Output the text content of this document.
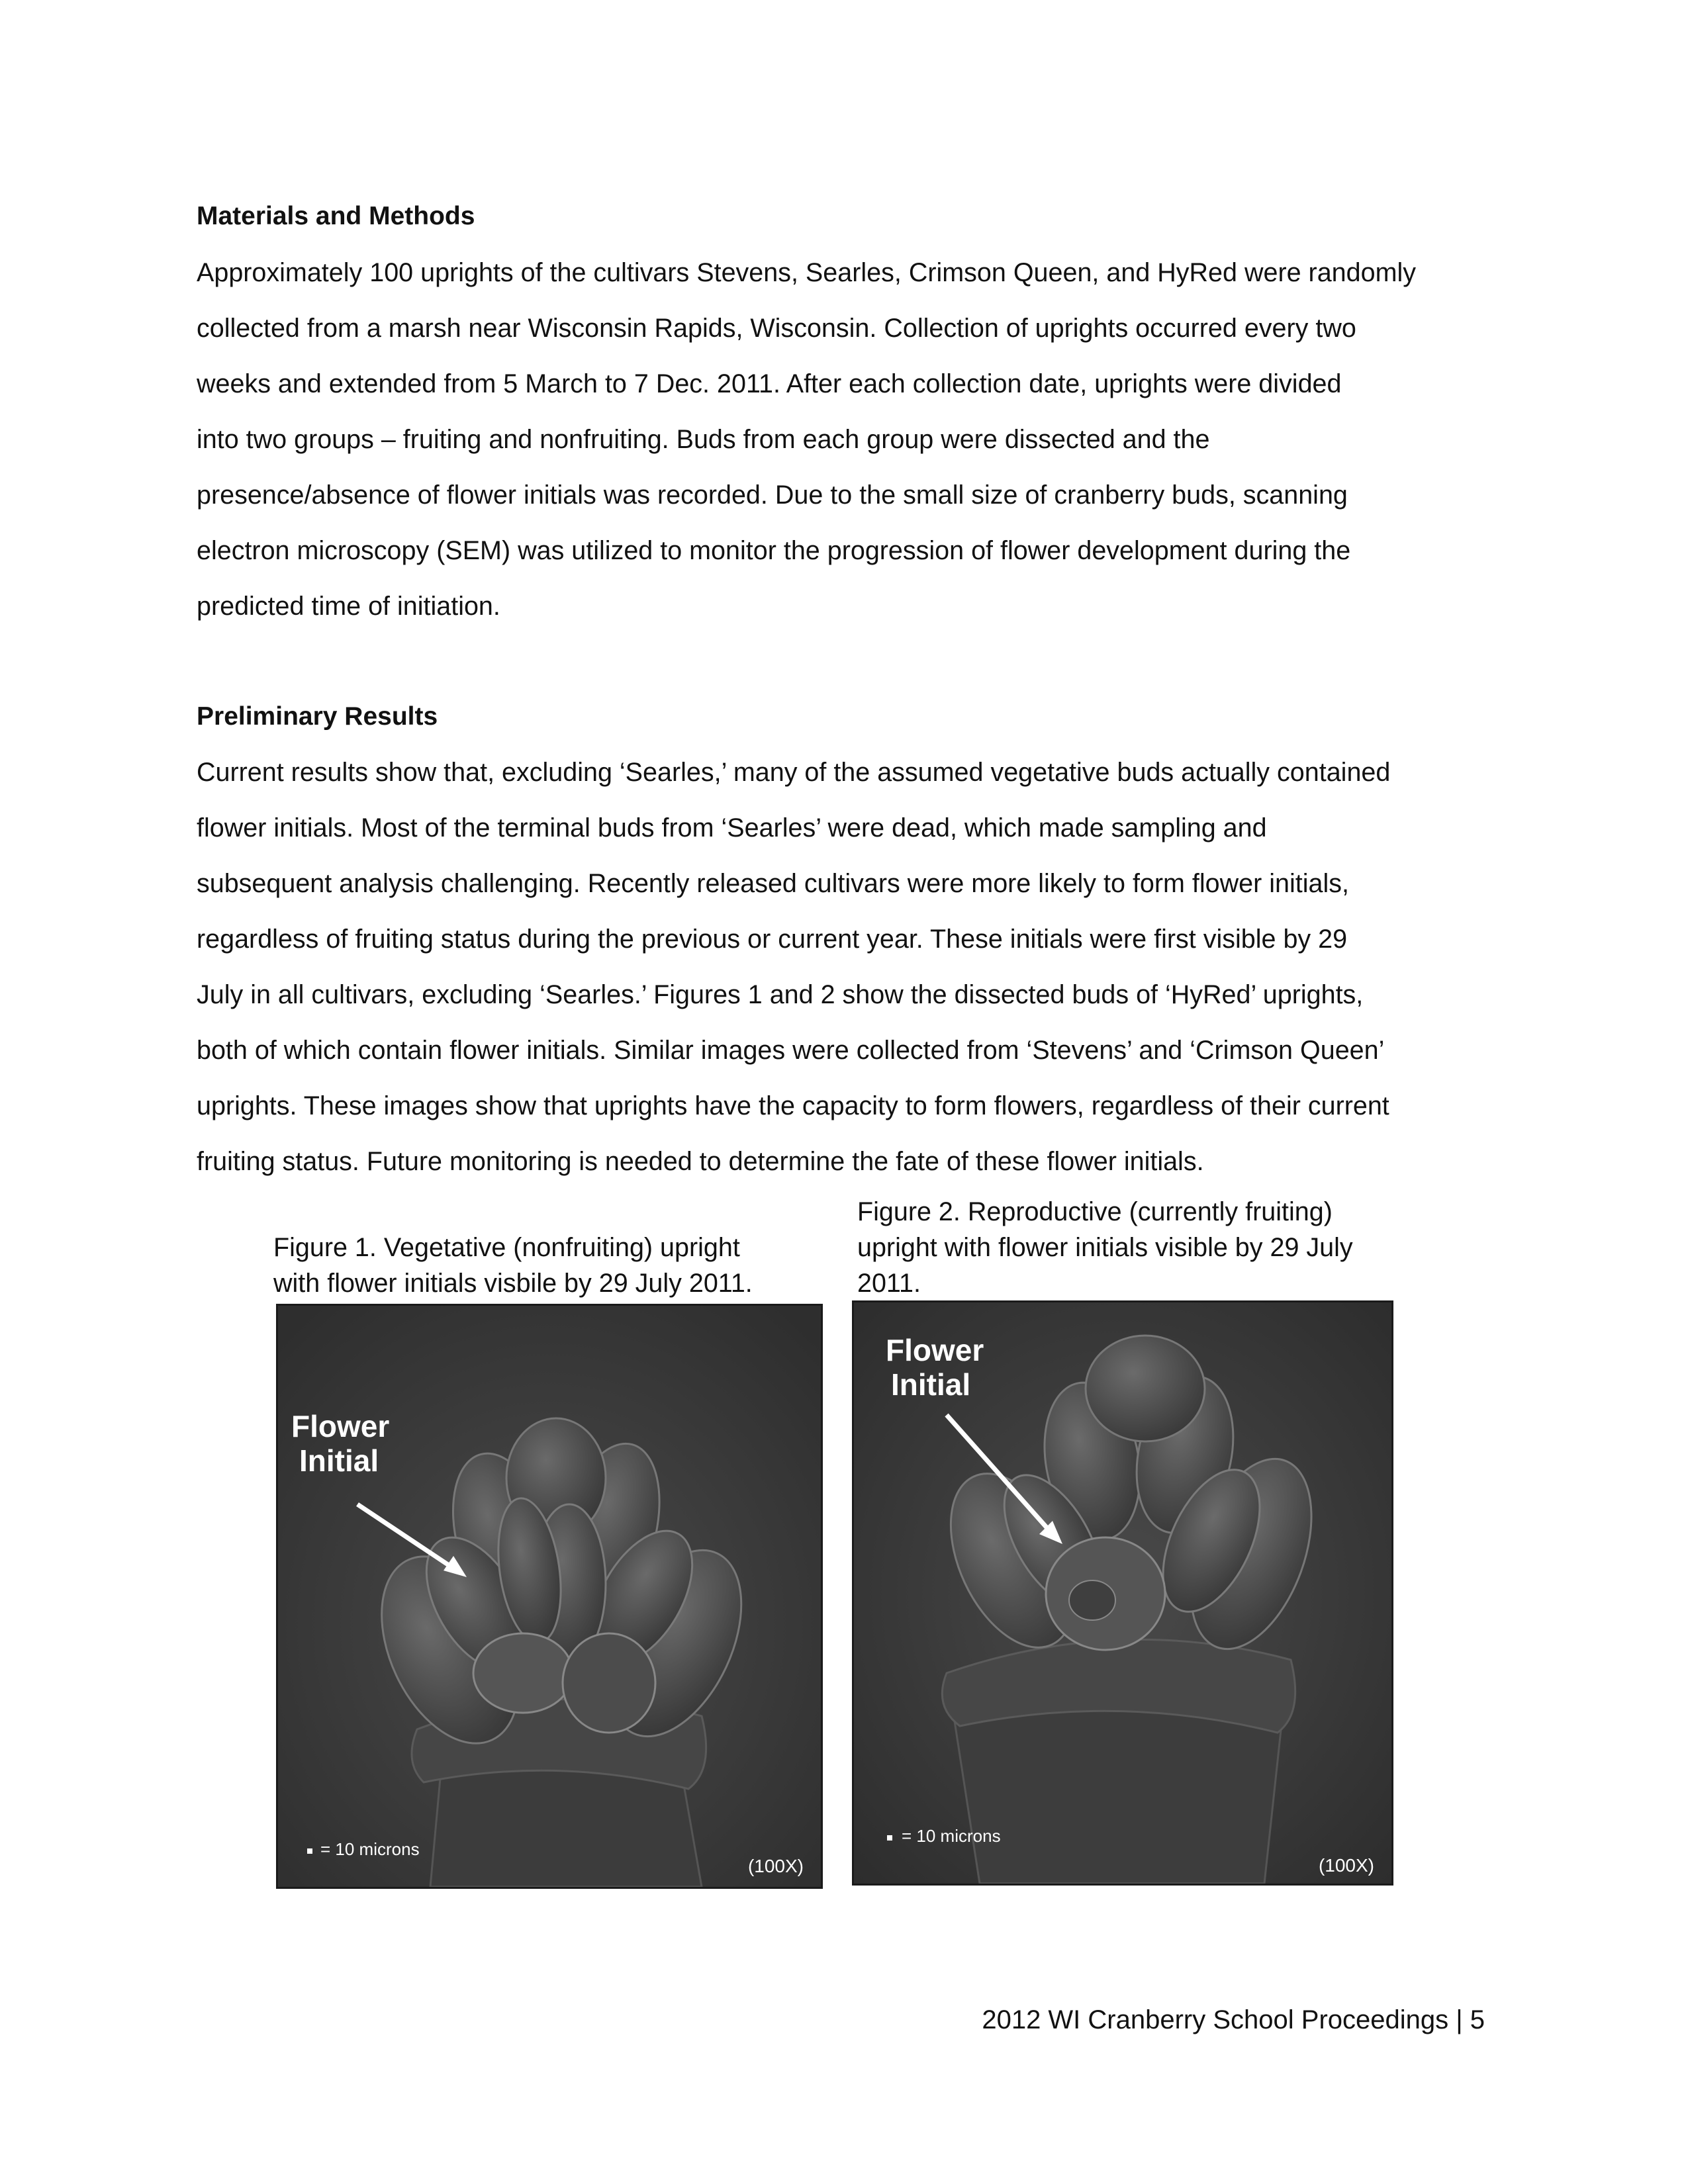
Materials and Methods
Approximately 100 uprights of the cultivars Stevens, Searles, Crimson Queen, and HyRed were randomly
collected from a marsh near Wisconsin Rapids, Wisconsin. Collection of uprights occurred every two
weeks and extended from 5 March to 7 Dec. 2011. After each collection date, uprights were divided
into two groups – fruiting and nonfruiting. Buds from each group were dissected and the
presence/absence of flower initials was recorded. Due to the small size of cranberry buds, scanning
electron microscopy (SEM) was utilized to monitor the progression of flower development during the
predicted time of initiation.
Preliminary Results
Current results show that, excluding ‘Searles,’ many of the assumed vegetative buds actually contained
flower initials. Most of the terminal buds from ‘Searles’ were dead, which made sampling and
subsequent analysis challenging. Recently released cultivars were more likely to form flower initials,
regardless of fruiting status during the previous or current year. These initials were first visible by 29
July in all cultivars, excluding ‘Searles.’ Figures 1 and 2 show the dissected buds of ‘HyRed’ uprights,
both of which contain flower initials. Similar images were collected from ‘Stevens’ and ‘Crimson Queen’
uprights. These images show that uprights have the capacity to form flowers, regardless of their current
fruiting status. Future monitoring is needed to determine the fate of these flower initials.
Figure 1. Vegetative (nonfruiting) upright
with flower initials visbile by 29 July 2011.
Figure 2. Reproductive (currently fruiting)
upright with flower initials visible by 29 July
2011.
Flower
Initial
= 10 microns
(100X)
Flower
Initial
= 10 microns
(100X)
2012 WI Cranberry School Proceedings | 5
